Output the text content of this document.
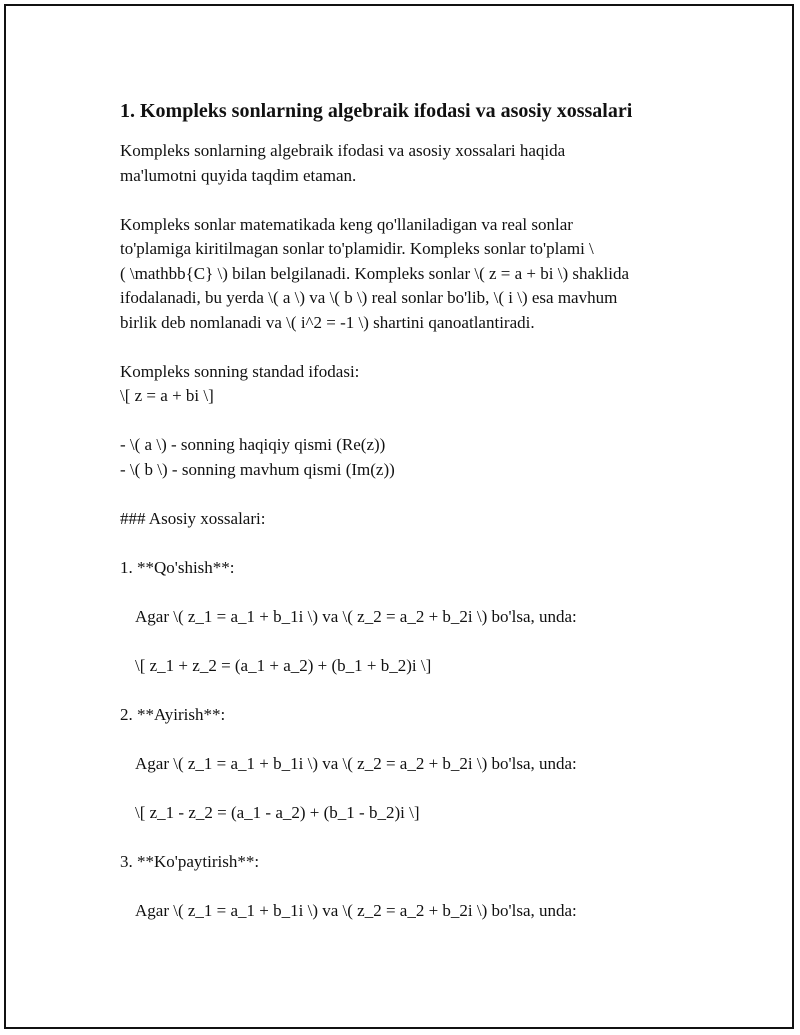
1. Kompleks sonlarning algebraik ifodasi va asosiy xossalari

Kompleks sonlarning algebraik ifodasi va asosiy xossalari haqida

ma'lumotni quyida taqdim etaman.

Kompleks sonlar matematikada keng qo'llaniladigan va real sonlar

to'plamiga kiritilmagan sonlar to'plamidir. Kompleks sonlar to'plami \

( \mathbb{C} \) bilan belgilanadi. Kompleks sonlar \( z = a + bi \) shaklida

ifodalanadi, bu yerda \( a \) va \( b \) real sonlar bo'lib, \( i \) esa mavhum

birlik deb nomlanadi va \( i^2 = -1 \) shartini qanoatlantiradi.

Kompleks sonning standad ifodasi:

\[ z = a + bi \]

- \( a \) - sonning haqiqiy qismi (Re(z))

- \( b \) - sonning mavhum qismi (Im(z))

### Asosiy xossalari:

1. **Qo'shish**:

Agar \( z_1 = a_1 + b_1i \) va \( z_2 = a_2 + b_2i \) bo'lsa, unda:

\[ z_1 + z_2 = (a_1 + a_2) + (b_1 + b_2)i \]

2. **Ayirish**:

Agar \( z_1 = a_1 + b_1i \) va \( z_2 = a_2 + b_2i \) bo'lsa, unda:

\[ z_1 - z_2 = (a_1 - a_2) + (b_1 - b_2)i \]

3. **Ko'paytirish**:

Agar \( z_1 = a_1 + b_1i \) va \( z_2 = a_2 + b_2i \) bo'lsa, unda:
